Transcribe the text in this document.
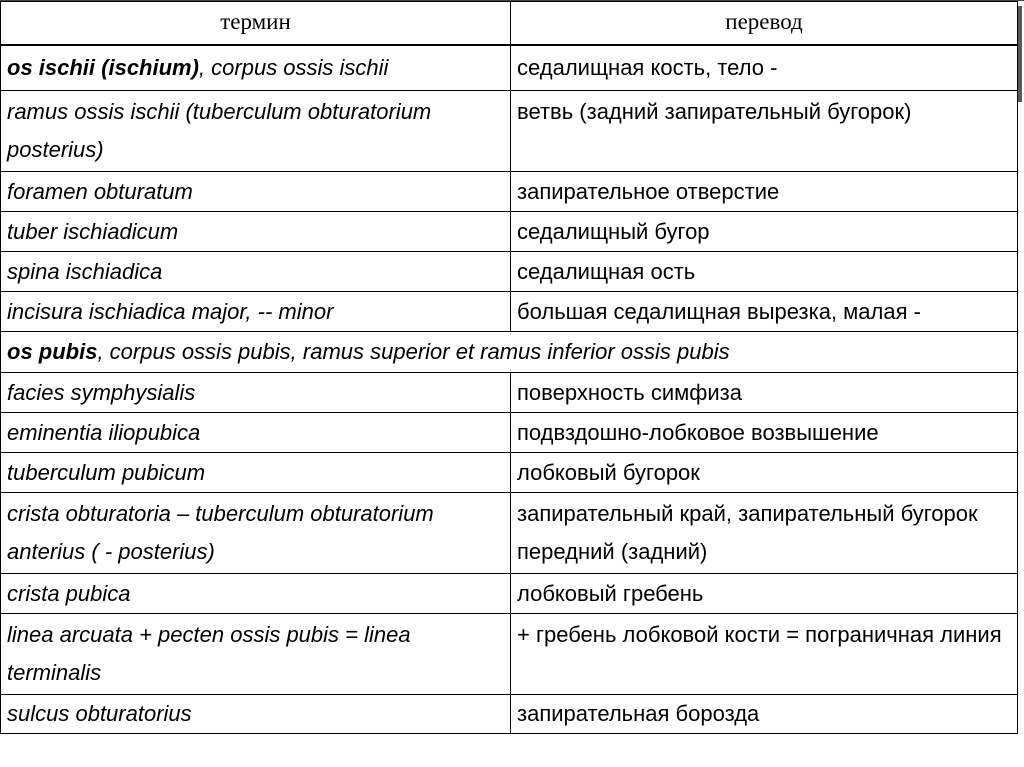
термин	перевод
os ischii (ischium), corpus ossis ischii	седалищная кость, тело -
ramus ossis ischii (tuberculum obturatorium posterius)	ветвь (задний запирательный бугорок)
foramen obturatum	запирательное отверстие
tuber ischiadicum	седалищный бугор
spina ischiadica	седалищная ость
incisura ischiadica major, -- minor	большая седалищная вырезка, малая -
os pubis, corpus ossis pubis, ramus superior et ramus inferior ossis pubis	
facies symphysialis	поверхность симфиза
eminentia iliopubica	подвздошно-лобковое возвышение
tuberculum pubicum	лобковый бугорок
crista obturatoria – tuberculum obturatorium anterius ( - posterius)	запирательный край, запирательный бугорок передний (задний)
crista pubica	лобковый гребень
linea arcuata + pecten ossis pubis = linea terminalis	+ гребень лобковой кости = пограничная линия
sulcus obturatorius	запирательная борозда
